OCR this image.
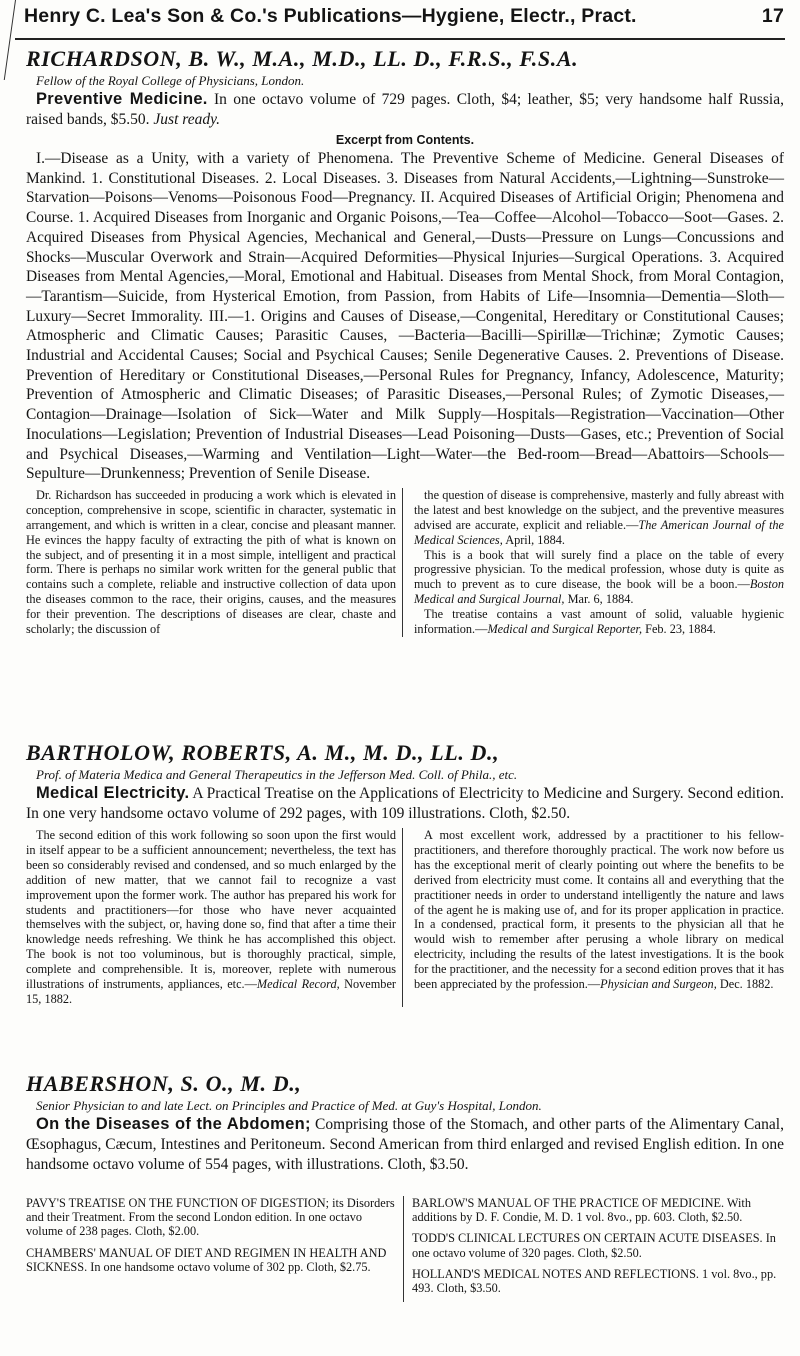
Henry C. Lea's Son & Co.'s Publications—Hygiene, Electr., Pract.	17
RICHARDSON, B. W., M.A., M.D., LL. D., F.R.S., F.S.A.
Fellow of the Royal College of Physicians, London.
Preventive Medicine. In one octavo volume of 729 pages. Cloth, $4; leather, $5; very handsome half Russia, raised bands, $5.50. Just ready.
Excerpt from Contents.
I.—Disease as a Unity, with a variety of Phenomena. The Preventive Scheme of Medicine. General Diseases of Mankind. 1. Constitutional Diseases. 2. Local Diseases. 3. Diseases from Natural Accidents,—Lightning—Sunstroke—Starvation—Poisons—Venoms—Poisonous Food—Pregnancy. II. Acquired Diseases of Artificial Origin; Phenomena and Course. 1. Acquired Diseases from Inorganic and Organic Poisons,—Tea—Coffee—Alcohol—Tobacco—Soot—Gases. 2. Acquired Diseases from Physical Agencies, Mechanical and General,—Dusts—Pressure on Lungs—Concussions and Shocks—Muscular Overwork and Strain—Acquired Deformities—Physical Injuries—Surgical Operations. 3. Acquired Diseases from Mental Agencies,—Moral, Emotional and Habitual. Diseases from Mental Shock, from Moral Contagion,—Tarantism—Suicide, from Hysterical Emotion, from Passion, from Habits of Life—Insomnia—Dementia—Sloth—Luxury—Secret Immorality. III.—1. Origins and Causes of Disease,—Congenital, Hereditary or Constitutional Causes; Atmospheric and Climatic Causes; Parasitic Causes, —Bacteria—Bacilli—Spirillæ—Trichinæ; Zymotic Causes; Industrial and Accidental Causes; Social and Psychical Causes; Senile Degenerative Causes. 2. Preventions of Disease. Prevention of Hereditary or Constitutional Diseases,—Personal Rules for Pregnancy, Infancy, Adolescence, Maturity; Prevention of Atmospheric and Climatic Diseases; of Parasitic Diseases,—Personal Rules; of Zymotic Diseases,—Contagion—Drainage—Isolation of Sick—Water and Milk Supply—Hospitals—Registration—Vaccination—Other Inoculations—Legislation; Prevention of Industrial Diseases—Lead Poisoning—Dusts—Gases, etc.; Prevention of Social and Psychical Diseases,—Warming and Ventilation—Light—Water—the Bed-room—Bread—Abattoirs—Schools—Sepulture—Drunkenness; Prevention of Senile Disease.

Dr. Richardson has succeeded in producing a work which is elevated in conception, comprehensive in scope, scientific in character, systematic in arrangement, and which is written in a clear, concise and pleasant manner. He evinces the happy faculty of extracting the pith of what is known on the subject, and of presenting it in a most simple, intelligent and practical form. There is perhaps no similar work written for the general public that contains such a complete, reliable and instructive collection of data upon the diseases common to the race, their origins, causes, and the measures for their prevention. The descriptions of diseases are clear, chaste and scholarly; the discussion of

the question of disease is comprehensive, masterly and fully abreast with the latest and best knowledge on the subject, and the preventive measures advised are accurate, explicit and reliable.—The American Journal of the Medical Sciences, April, 1884.

This is a book that will surely find a place on the table of every progressive physician. To the medical profession, whose duty is quite as much to prevent as to cure disease, the book will be a boon.—Boston Medical and Surgical Journal, Mar. 6, 1884.

The treatise contains a vast amount of solid, valuable hygienic information.—Medical and Surgical Reporter, Feb. 23, 1884.

BARTHOLOW, ROBERTS, A. M., M. D., LL. D.,
Prof. of Materia Medica and General Therapeutics in the Jefferson Med. Coll. of Phila., etc.
Medical Electricity. A Practical Treatise on the Applications of Electricity to Medicine and Surgery. Second edition. In one very handsome octavo volume of 292 pages, with 109 illustrations. Cloth, $2.50.

The second edition of this work following so soon upon the first would in itself appear to be a sufficient announcement; nevertheless, the text has been so considerably revised and condensed, and so much enlarged by the addition of new matter, that we cannot fail to recognize a vast improvement upon the former work. The author has prepared his work for students and practitioners—for those who have never acquainted themselves with the subject, or, having done so, find that after a time their knowledge needs refreshing. We think he has accomplished this object. The book is not too voluminous, but is thoroughly practical, simple, complete and comprehensible. It is, moreover, replete with numerous illustrations of instruments, appliances, etc.—Medical Record, November 15, 1882.

A most excellent work, addressed by a practitioner to his fellow-practitioners, and therefore thoroughly practical. The work now before us has the exceptional merit of clearly pointing out where the benefits to be derived from electricity must come. It contains all and everything that the practitioner needs in order to understand intelligently the nature and laws of the agent he is making use of, and for its proper application in practice. In a condensed, practical form, it presents to the physician all that he would wish to remember after perusing a whole library on medical electricity, including the results of the latest investigations. It is the book for the practitioner, and the necessity for a second edition proves that it has been appreciated by the profession.—Physician and Surgeon, Dec. 1882.

HABERSHON, S. O., M. D.,
Senior Physician to and late Lect. on Principles and Practice of Med. at Guy's Hospital, London.
On the Diseases of the Abdomen; Comprising those of the Stomach, and other parts of the Alimentary Canal, Œsophagus, Cæcum, Intestines and Peritoneum. Second American from third enlarged and revised English edition. In one handsome octavo volume of 554 pages, with illustrations. Cloth, $3.50.

PAVY'S TREATISE ON THE FUNCTION OF DIGESTION; its Disorders and their Treatment. From the second London edition. In one octavo volume of 238 pages. Cloth, $2.00.

CHAMBERS' MANUAL OF DIET AND REGIMEN IN HEALTH AND SICKNESS. In one handsome octavo volume of 302 pp. Cloth, $2.75.

BARLOW'S MANUAL OF THE PRACTICE OF MEDICINE. With additions by D. F. Condie, M. D. 1 vol. 8vo., pp. 603. Cloth, $2.50.

TODD'S CLINICAL LECTURES ON CERTAIN ACUTE DISEASES. In one octavo volume of 320 pages. Cloth, $2.50.

HOLLAND'S MEDICAL NOTES AND REFLECTIONS. 1 vol. 8vo., pp. 493. Cloth, $3.50.
